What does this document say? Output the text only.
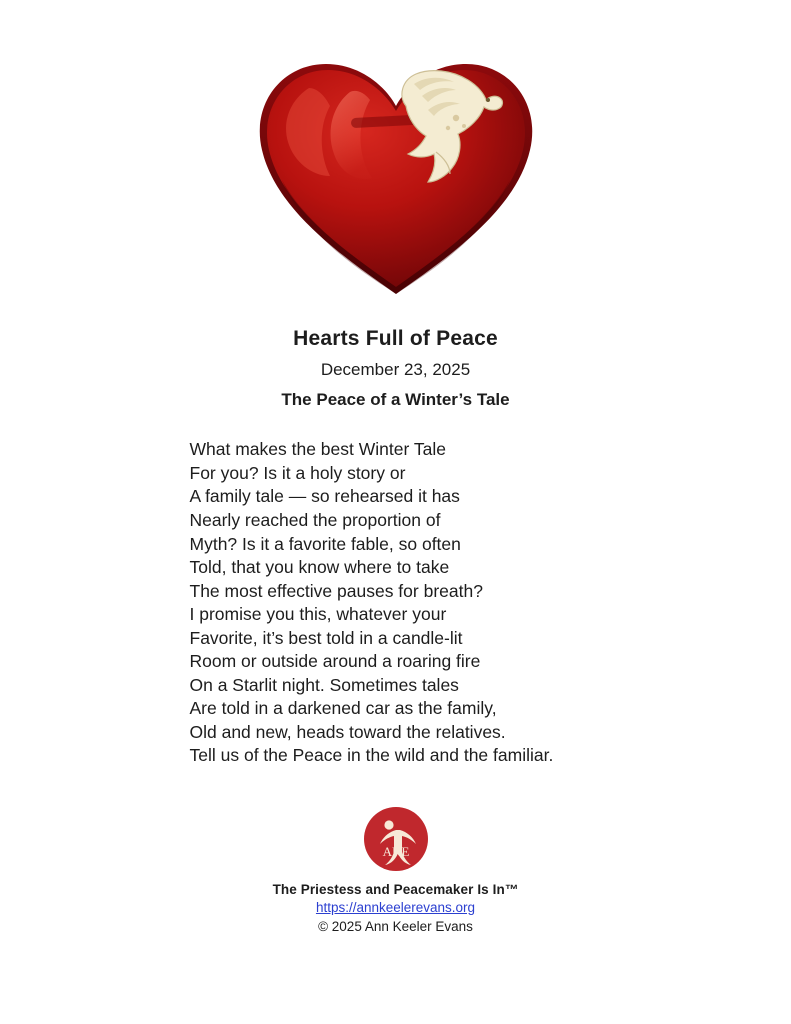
Hearts Full of Peace
December 23, 2025
The Peace of a Winter’s Tale
What makes the best Winter Tale
For you? Is it a holy story or
A family tale — so rehearsed it has
Nearly reached the proportion of
Myth? Is it a favorite fable, so often
Told, that you know where to take
The most effective pauses for breath?
I promise you this, whatever your
Favorite, it’s best told in a candle-lit
Room or outside around a roaring fire
On a Starlit night. Sometimes tales
Are told in a darkened car as the family,
Old and new, heads toward the relatives.
Tell us of the Peace in the wild and the familiar.
AKE
The Priestess and Peacemaker Is In™
https://annkeelerevans.org
© 2025 Ann Keeler Evans
